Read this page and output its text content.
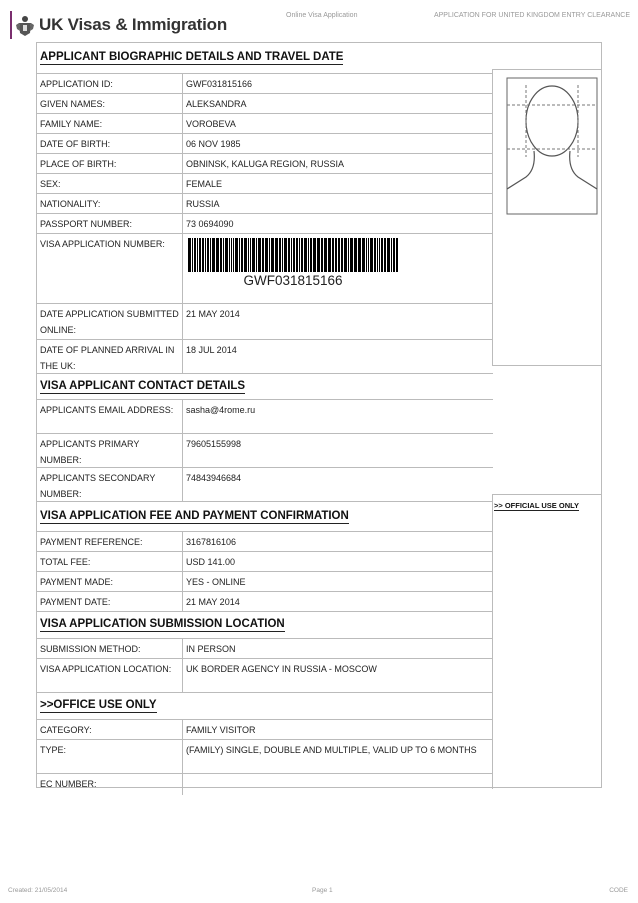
UK Visas & Immigration	Online Visa Application	APPLICATION FOR UNITED KINGDOM ENTRY CLEARANCE
APPLICANT BIOGRAPHIC DETAILS AND TRAVEL DATE
APPLICATION ID:	GWF031815166
GIVEN NAMES:	ALEKSANDRA
FAMILY NAME:	VOROBEVA
DATE OF BIRTH:	06 NOV 1985
PLACE OF BIRTH:	OBNINSK, KALUGA REGION, RUSSIA
SEX:	FEMALE
NATIONALITY:	RUSSIA
PASSPORT NUMBER:	73 0694090
VISA APPLICATION NUMBER:
GWF031815166
DATE APPLICATION SUBMITTED ONLINE:
21 MAY 2014
DATE OF PLANNED ARRIVAL IN THE UK:
18 JUL 2014
VISA APPLICANT CONTACT DETAILS
APPLICANTS EMAIL ADDRESS:	sasha@4rome.ru
APPLICANTS PRIMARY NUMBER:
79605155998
APPLICANTS SECONDARY NUMBER:
74843946684
VISA APPLICATION FEE AND PAYMENT CONFIRMATION
PAYMENT REFERENCE:	3167816106
TOTAL FEE:	USD 141.00
PAYMENT MADE:	YES - ONLINE
PAYMENT DATE:	21 MAY 2014
VISA APPLICATION SUBMISSION LOCATION
SUBMISSION METHOD:	IN PERSON
VISA APPLICATION LOCATION:	UK BORDER AGENCY IN RUSSIA - MOSCOW
>>OFFICE USE ONLY
CATEGORY:	FAMILY VISITOR
TYPE:	(FAMILY) SINGLE, DOUBLE AND MULTIPLE, VALID UP TO 6 MONTHS
EC NUMBER:
>> OFFICIAL USE ONLY
Created: 21/05/2014	Page 1	CODE
